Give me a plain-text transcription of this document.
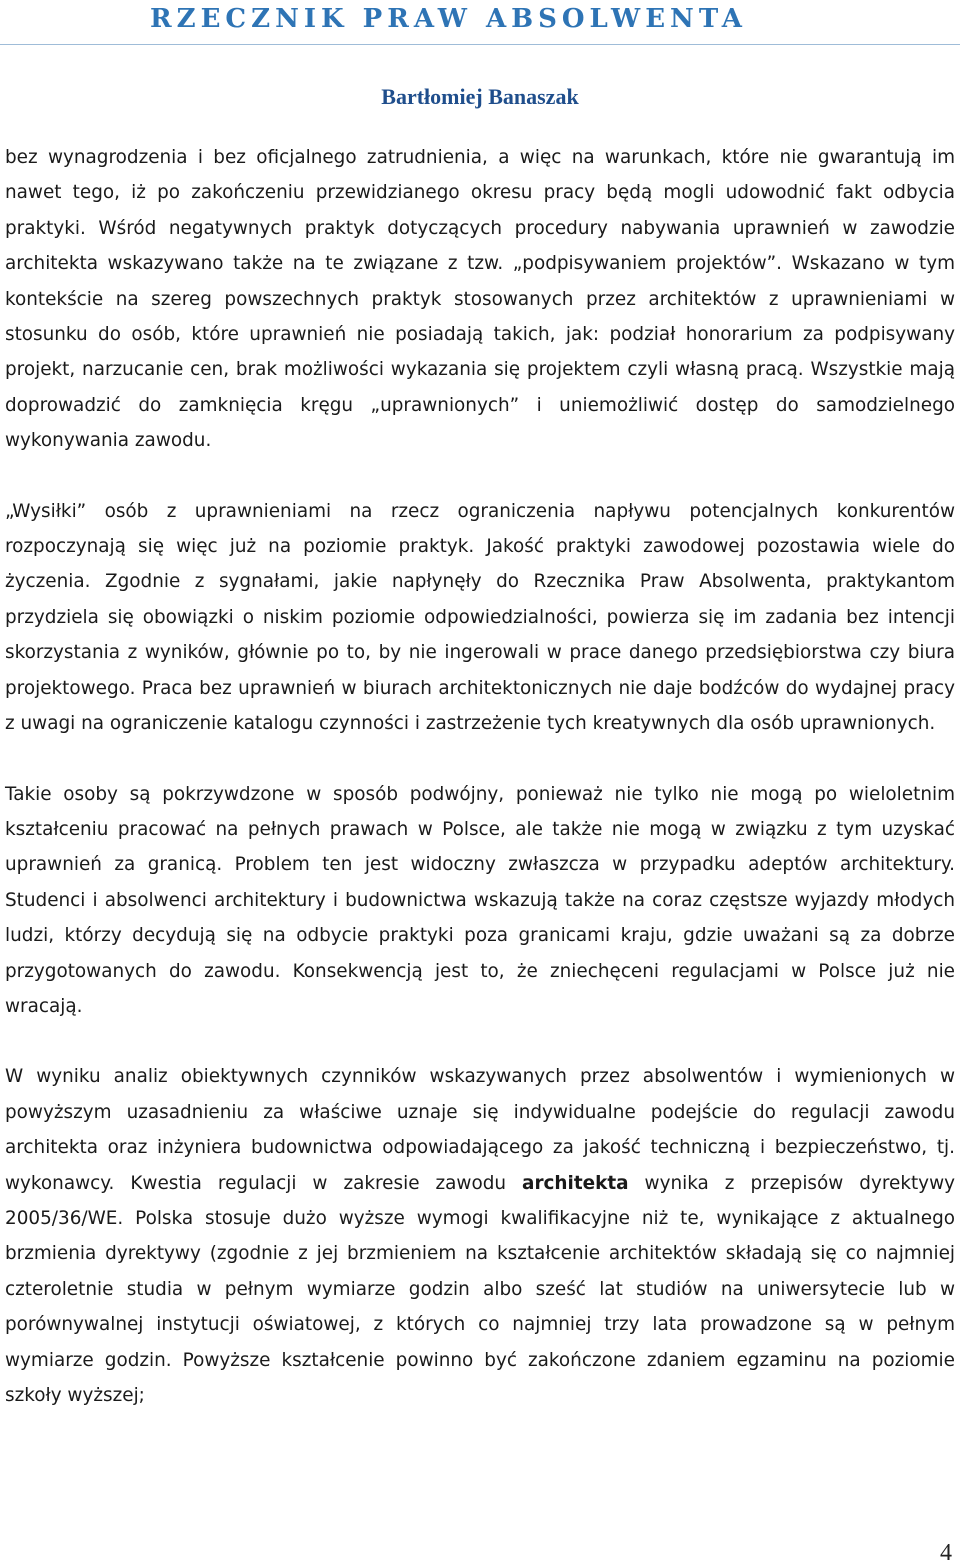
RZECZNIK PRAW ABSOLWENTA
Bartłomiej Banaszak

bez wynagrodzenia i bez oficjalnego zatrudnienia, a więc na warunkach, które nie gwarantują im nawet tego, iż po zakończeniu przewidzianego okresu pracy będą mogli udowodnić fakt odbycia praktyki. Wśród negatywnych praktyk dotyczących procedury nabywania uprawnień w zawodzie architekta wskazywano także na te związane z tzw. „podpisywaniem projektów”. Wskazano w tym kontekście na szereg powszechnych praktyk stosowanych przez architektów z uprawnieniami w stosunku do osób, które uprawnień nie posiadają takich, jak: podział honorarium za podpisywany projekt, narzucanie cen, brak możliwości wykazania się projektem czyli własną pracą. Wszystkie mają doprowadzić do zamknięcia kręgu „uprawnionych” i uniemożliwić dostęp do samodzielnego wykonywania zawodu.

„Wysiłki” osób z uprawnieniami na rzecz ograniczenia napływu potencjalnych konkurentów rozpoczynają się więc już na poziomie praktyk. Jakość praktyki zawodowej pozostawia wiele do życzenia. Zgodnie z sygnałami, jakie napłynęły do Rzecznika Praw Absolwenta, praktykantom przydziela się obowiązki o niskim poziomie odpowiedzialności, powierza się im zadania bez intencji skorzystania z wyników, głównie po to, by nie ingerowali w prace danego przedsiębiorstwa czy biura projektowego. Praca bez uprawnień w biurach architektonicznych nie daje bodźców do wydajnej pracy z uwagi na ograniczenie katalogu czynności i zastrzeżenie tych kreatywnych dla osób uprawnionych.

Takie osoby są pokrzywdzone w sposób podwójny, ponieważ nie tylko nie mogą po wieloletnim kształceniu pracować na pełnych prawach w Polsce, ale także nie mogą w związku z tym uzyskać uprawnień za granicą. Problem ten jest widoczny zwłaszcza w przypadku adeptów architektury. Studenci i absolwenci architektury i budownictwa wskazują także na coraz częstsze wyjazdy młodych ludzi, którzy decydują się na odbycie praktyki poza granicami kraju, gdzie uważani są za dobrze przygotowanych do zawodu. Konsekwencją jest to, że zniechęceni regulacjami w Polsce już nie wracają.

W wyniku analiz obiektywnych czynników wskazywanych przez absolwentów i wymienionych w powyższym uzasadnieniu za właściwe uznaje się indywidualne podejście do regulacji zawodu architekta oraz inżyniera budownictwa odpowiadającego za jakość techniczną i bezpieczeństwo, tj. wykonawcy. Kwestia regulacji w zakresie zawodu architekta wynika z przepisów dyrektywy 2005/36/WE. Polska stosuje dużo wyższe wymogi kwalifikacyjne niż te, wynikające z aktualnego brzmienia dyrektywy (zgodnie z jej brzmieniem na kształcenie architektów składają się co najmniej czteroletnie studia w pełnym wymiarze godzin albo sześć lat studiów na uniwersytecie lub w porównywalnej instytucji oświatowej, z których co najmniej trzy lata prowadzone są w pełnym wymiarze godzin. Powyższe kształcenie powinno być zakończone zdaniem egzaminu na poziomie szkoły wyższej;

4
